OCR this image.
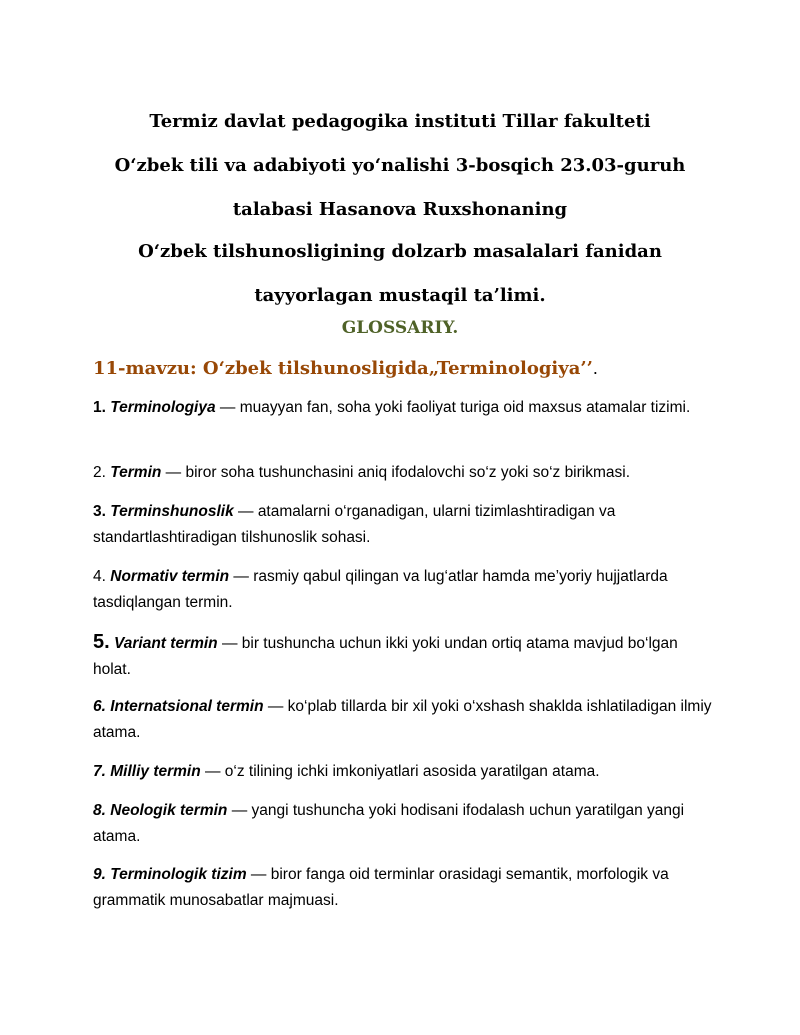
Termiz davlat pedagogika instituti Tillar fakulteti
O‘zbek tili va adabiyoti yo‘nalishi 3-bosqich 23.03-guruh
talabasi Hasanova Ruxshonaning
O‘zbek tilshunosligining dolzarb masalalari fanidan
tayyorlagan mustaqil ta’limi.
GLOSSARIY.
11-mavzu: O‘zbek tilshunosligida„Terminologiya’’.
1. Terminologiya — muayyan fan, soha yoki faoliyat turiga oid maxsus atamalar tizimi.
2. Termin — biror soha tushunchasini aniq ifodalovchi so‘z yoki so‘z birikmasi.
3. Terminshunoslik — atamalarni o‘rganadigan, ularni tizimlashtiradigan va standartlashtiradigan tilshunoslik sohasi.
4. Normativ termin — rasmiy qabul qilingan va lug‘atlar hamda me’yoriy hujjatlarda tasdiqlangan termin.
5. Variant termin — bir tushuncha uchun ikki yoki undan ortiq atama mavjud bo‘lgan holat.
6. Internatsional termin — ko‘plab tillarda bir xil yoki o‘xshash shaklda ishlatiladigan ilmiy atama.
7. Milliy termin — o‘z tilining ichki imkoniyatlari asosida yaratilgan atama.
8. Neologik termin — yangi tushuncha yoki hodisani ifodalash uchun yaratilgan yangi atama.
9. Terminologik tizim — biror fanga oid terminlar orasidagi semantik, morfologik va grammatik munosabatlar majmuasi.
